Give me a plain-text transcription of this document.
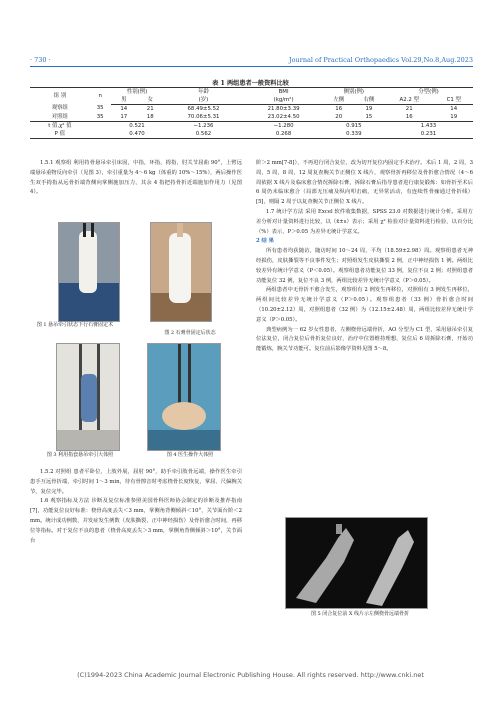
· 730 ·	Journal of Practical Orthopaedics Vol.29,No.8,Aug.2023
表 1 两组患者一般资料比较
组 别	n	性别(例)		年龄	BMI	侧别(例)		分型(例)	
		男	女	(岁)	(kg/m²)	左侧	右侧	A2.2 型	C1 型
观察组	35	14	21	68.49±5.52	21.80±3.39	16	19	21	14
对照组	35	17	18	70.06±5.31	23.02±4.50	20	15	16	19
t 值,χ² 值		0.521		−1.236	−1.280	0.915		1.433	
P 值		0.470		0.562	0.268	0.339		0.231	

1.5.1 观察组 利用持骨悬吊牵引床固，中指，环指，拇指，肘关节屈曲 90°，上臂远端悬吊重物反向牵引（见图 3），牵引重量为 4～6 kg（体重的 10%～15%），两后操作医生双手拇指从远骨折端背侧向掌侧施加压力，其余 4 指把持骨折近端施加作用力（见图 4）。

图 1 悬吊牵引状态下行石膏固定术
图 2 石膏骨固定后状态
图 3 利用指套悬吊牵引大体照	图 4 医生操作大体照

1.5.2 对照组 患者平卧位，上肢外展，屈肘 90°，助手牵引肢骨远端，操作医生牵引患手互远骨折端，牵引时间 1～3 min，待有骨擦音时考虑桡骨长度恢复，掌屈、尺偏腕关节，复位完毕。

1.6 观察指标及方法 诊断及复位标准参照美国骨科医师协会制定的诊断及推荐指南[7]，功能复位良好标准：桡骨高度丢失＜3 mm，掌侧角背侧倾斜＜10°，关节面台阶＜2 mm。统计成功例数，并发症发生例数（皮肤撕裂，正中神经损伤）及骨折愈合时间，再移位等指标。对于复位不良的患者（桡骨高度丢失＞3 mm，掌侧角背侧倾斜＞10°，关节面台

阶＞2 mm[7-8]），不再进行闭合复位，改为切开复位内固定手术治疗。术后 1 周，2 周，3 周，5 周，8 周，12 周复查腕关节正侧位 X 线片，观察骨折再移位及骨折愈合情况（4～6 周依据 X 线片及临床愈合情况拆除石膏，拆除石膏后指导患者进行康复锻炼：如骨折至术后 6 周仍未临床愈合（局部无压痛及纵向叩击痛，无异常活动，有连续性骨痂通过骨折线）[5]，则隔 2 周于以复查腕关节正侧位 X 线片。

1.7 统计学方法 采用 Excel 软件收集数据，SPSS 23.0 对数据进行统计分析。采用方差分析对计量资料进行比较，以（x̄±s）表示；采用 χ² 检验对计量资料进行检验，以百分比（%）表示，P＞0.05 为差异无统计学意义。

2 结 果

所有患者均获随访，随访时间 10～24 周，平均（18.59±2.98）周。观察组患者无神经损伤，皮肤撕裂等不良事件发生；对照组发生皮肤撕裂 2 例，正中神经损伤 1 例。两组比较差异有统计学意义（P＜0.05）。观察组患者功能复位 33 例，复位不良 2 例；对照组患者功能复位 32 例，复位不良 3 例，两组比较差异无统计学意义（P＞0.05）。

两组患者中无骨折不愈合发生，观察组有 2 例发生再移位，对照组有 3 例发生再移位，两组间比较差异无统计学意义（P＞0.05）。观察组患者（33 例）骨折愈合时间（10.20±2.12）周，对照组患者（32 例）为（12.15±2.48）周，两组比较差异无统计学意义（P＞0.05）。

典型病例为一 62 岁女性患者，左侧桡骨远端骨折，AO 分型为 C1 型，采用悬吊牵引复位法复位，闭合复位后骨折复位良好，治疗中位置维持理想，复位后 6 周拆除石膏，开始功能锻炼，腕关节功能可。复位前后影像学资料见图 5～8。

图 5 闭合复位前 X 线片示左侧桡骨远端骨折
(C)1994-2023 China Academic Journal Electronic Publishing House. All rights reserved. http://www.cnki.net
